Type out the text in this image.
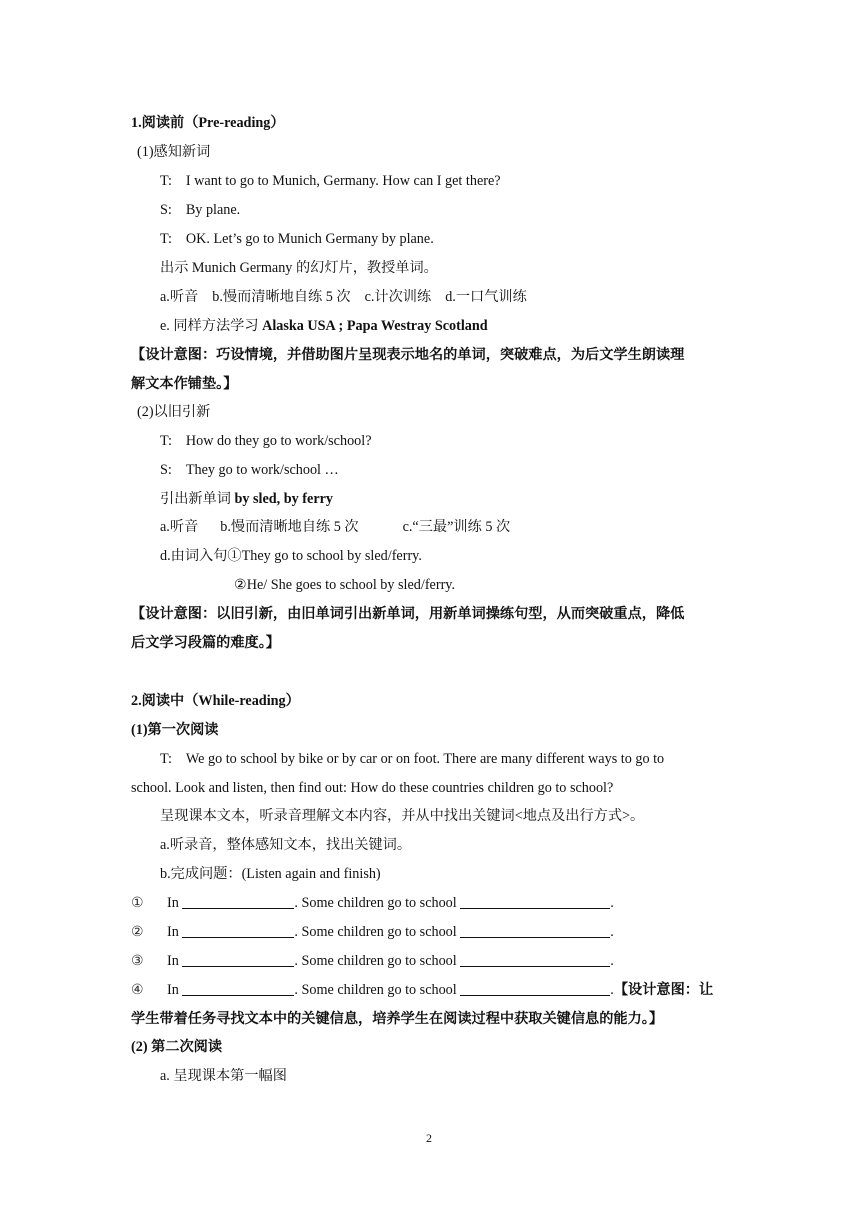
1.阅读前（Pre-reading）
(1)感知新词
T: I want to go to Munich, Germany. How can I get there?
S: By plane.
T: OK. Let’s go to Munich Germany by plane.
出示 Munich Germany 的幻灯片，教授单词。
a.听音 b.慢而清晰地自练 5 次 c.计次训练 d.一口气训练
e. 同样方法学习 Alaska USA ; Papa Westray Scotland
【设计意图：巧设情境，并借助图片呈现表示地名的单词，突破难点，为后文学生朗读理
解文本作铺垫。】
(2)以旧引新
T: How do they go to work/school?
S: They go to work/school …
引出新单词 by sled, by ferry
a.听音 b.慢而清晰地自练 5 次	c.“三最”训练 5 次
d.由词入句①They go to school by sled/ferry.
②He/ She goes to school by sled/ferry.
【设计意图：以旧引新，由旧单词引出新单词，用新单词操练句型，从而突破重点，降低
后文学习段篇的难度。】
2.阅读中（While-reading）
(1)第一次阅读
T: We go to school by bike or by car or on foot. There are many different ways to go to
school. Look and listen, then find out: How do these countries children go to school?
呈现课本文本，听录音理解文本内容，并从中找出关键词<地点及出行方式>。
a.听录音，整体感知文本，找出关键词。
b.完成问题：(Listen again and finish)
① In	. Some children go to school	.
② In	. Some children go to school	.
③ In	. Some children go to school	.
④ In	. Some children go to school	.【设计意图：让
学生带着任务寻找文本中的关键信息，培养学生在阅读过程中获取关键信息的能力。】
(2) 第二次阅读
a. 呈现课本第一幅图
2
